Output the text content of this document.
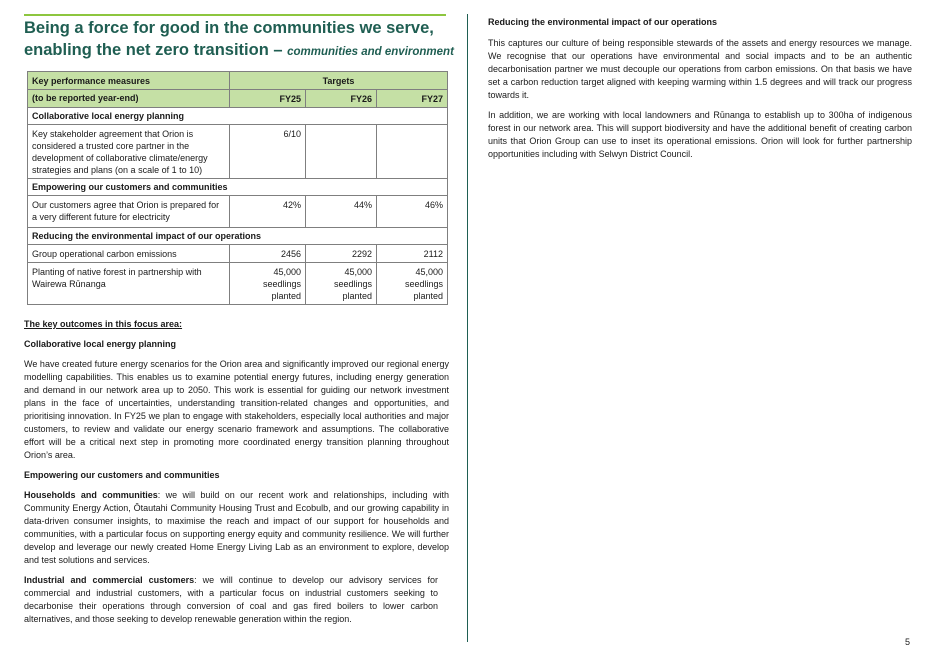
Being a force for good in the communities we serve,
enabling the net zero transition – communities and environment
Key performance measures	Targets		
(to be reported year-end)	FY25	FY26	FY27
Collaborative local energy planning			
Key stakeholder agreement that Orion is considered a trusted core partner in the development of collaborative climate/energy strategies and plans (on a scale of 1 to 10)	6/10		
Empowering our customers and communities			
Our customers agree that Orion is prepared for a very different future for electricity	42%	44%	46%
Reducing the environmental impact of our operations			
Group operational carbon emissions	2456	2292	2112
Planting of native forest in partnership with Wairewa Rūnanga	45,000 seedlings planted	45,000 seedlings planted	45,000 seedlings planted

The key outcomes in this focus area:

Collaborative local energy planning

We have created future energy scenarios for the Orion area and significantly improved our regional energy modelling capabilities. This enables us to examine potential energy futures, including energy generation and demand in our network area up to 2050. This work is essential for guiding our network investment plans in the face of uncertainties, understanding transition-related changes and opportunities, and prioritising innovation. In FY25 we plan to engage with stakeholders, especially local authorities and major customers, to review and validate our energy scenario framework and assumptions. The collaborative effort will be a critical next step in promoting more coordinated energy transition planning throughout Orion’s area.

Empowering our customers and communities

Households and communities: we will build on our recent work and relationships, including with Community Energy Action, Ōtautahi Community Housing Trust and Ecobulb, and our growing capability in data-driven consumer insights, to maximise the reach and impact of our support for households and communities, with a particular focus on supporting energy equity and community resilience. We will further develop and leverage our newly created Home Energy Living Lab as an environment to explore, develop and test solutions and services.

Industrial and commercial customers: we will continue to develop our advisory services for commercial and industrial customers, with a particular focus on industrial customers seeking to decarbonise their operations through conversion of coal and gas fired boilers to lower carbon alternatives, and those seeking to develop renewable generation within the region.

Reducing the environmental impact of our operations

This captures our culture of being responsible stewards of the assets and energy resources we manage. We recognise that our operations have environmental and social impacts and to be an authentic decarbonisation partner we must decouple our operations from carbon emissions. On that basis we have set a carbon reduction target aligned with keeping warming within 1.5 degrees and will track our progress towards it.

In addition, we are working with local landowners and Rūnanga to establish up to 300ha of indigenous forest in our network area. This will support biodiversity and have the additional benefit of creating carbon units that Orion Group can use to inset its operational emissions. Orion will look for further partnership opportunities including with Selwyn District Council.

5
